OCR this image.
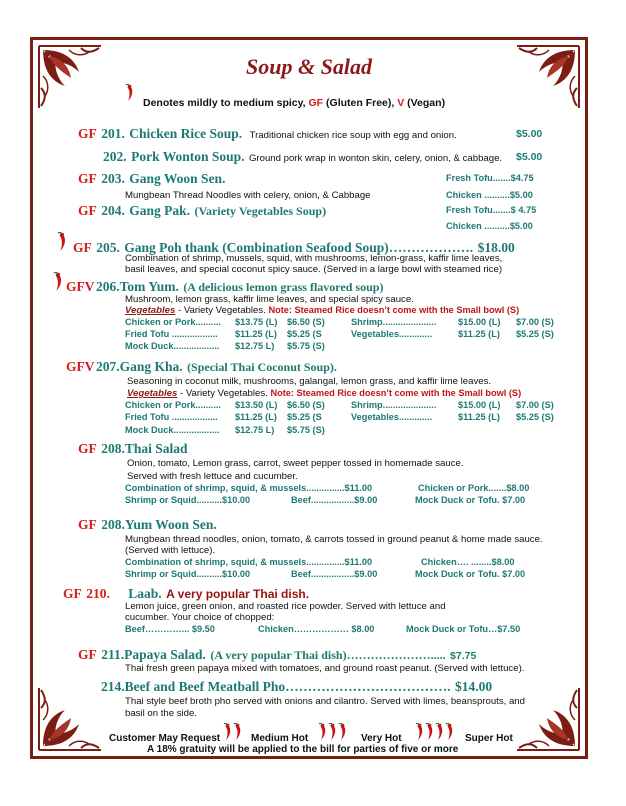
Soup & Salad
Denotes mildly to medium spicy, GF (Gluten Free), V (Vegan)
GF 201. Chicken Rice Soup. Traditional chicken rice soup with egg and onion.	$5.00
202. Pork Wonton Soup. Ground pork wrap in wonton skin, celery, onion, & cabbage. $5.00
GF 203. Gang Woon Sen.	Fresh Tofu.......$4.75
Mungbean Thread Noodles with celery, onion, & Cabbage	Chicken ..........$5.00
GF 204. Gang Pak. (Variety Vegetables Soup)	Fresh Tofu.......$ 4.75
Chicken ..........$5.00
GF 205. Gang Poh thank (Combination Seafood Soup)………………. $18.00
Combination of shrimp, mussels, squid, with mushrooms, lemon-grass, kaffir lime leaves,
basil leaves, and special coconut spicy sauce. (Served in a large bowl with steamed rice)
GFV 206.Tom Yum. (A delicious lemon grass flavored soup)
Mushroom, lemon grass, kaffir lime leaves, and special spicy sauce.
Vegetables - Variety Vegetables. Note: Steamed Rice doesn’t come with the Small bowl (S)
Chicken or Pork.......... $13.75 (L) $6.50 (S)	Shrimp..................... $15.00 (L) $7.00 (S)
Fried Tofu .................. $11.25 (L) $5.25 (S	Vegetables.............	$11.25 (L) $5.25 (S)
Mock Duck.................. $12.75 L) $5.75 (S)
GFV 207.Gang Kha. (Special Thai Coconut Soup).
Seasoning in coconut milk, mushrooms, galangal, lemon grass, and kaffir lime leaves.
Vegetables - Variety Vegetables. Note: Steamed Rice doesn’t come with the Small bowl (S)
Chicken or Pork.......... $13.50 (L) $6.50 (S)	Shrimp..................... $15.00 (L) $7.00 (S)
Fried Tofu .................. $11.25 (L) $5.25 (S	Vegetables.............	$11.25 (L) $5.25 (S)
Mock Duck.................. $12.75 L) $5.75 (S)
GF 208.Thai Salad
Onion, tomato, Lemon grass, carrot, sweet pepper tossed in homemade sauce.
Served with fresh lettuce and cucumber.
Combination of shrimp, squid, & mussels...............$11.00	Chicken or Pork.......$8.00
Shrimp or Squid..........$10.00	Beef.................$9.00	Mock Duck or Tofu. $7.00
GF 208.Yum Woon Sen.
Mungbean thread noodles, onion, tomato, & carrots tossed in ground peanut & home made sauce.
(Served with lettuce).
Combination of shrimp, squid, & mussels...............$11.00	Chicken…. ........$8.00
Shrimp or Squid..........$10.00	Beef.................$9.00	Mock Duck or Tofu. $7.00
GF 210. Laab. A very popular Thai dish.
Lemon juice, green onion, and roasted rice powder. Served with lettuce and
cucumber. Your choice of chopped:
Beef…………... $9.50	Chicken……………… $8.00	Mock Duck or Tofu…$7.50
GF 211.Papaya Salad. (A very popular Thai dish)…………………..... $7.75
Thai fresh green papaya mixed with tomatoes, and ground roast peanut. (Served with lettuce).
214.Beef and Beef Meatball Pho………………………………. $14.00
Thai style beef broth pho served with onions and cilantro. Served with limes, beansprouts, and
basil on the side.
Customer May Request	Medium Hot	Very Hot	Super Hot
A 18% gratuity will be applied to the bill for parties of five or more
